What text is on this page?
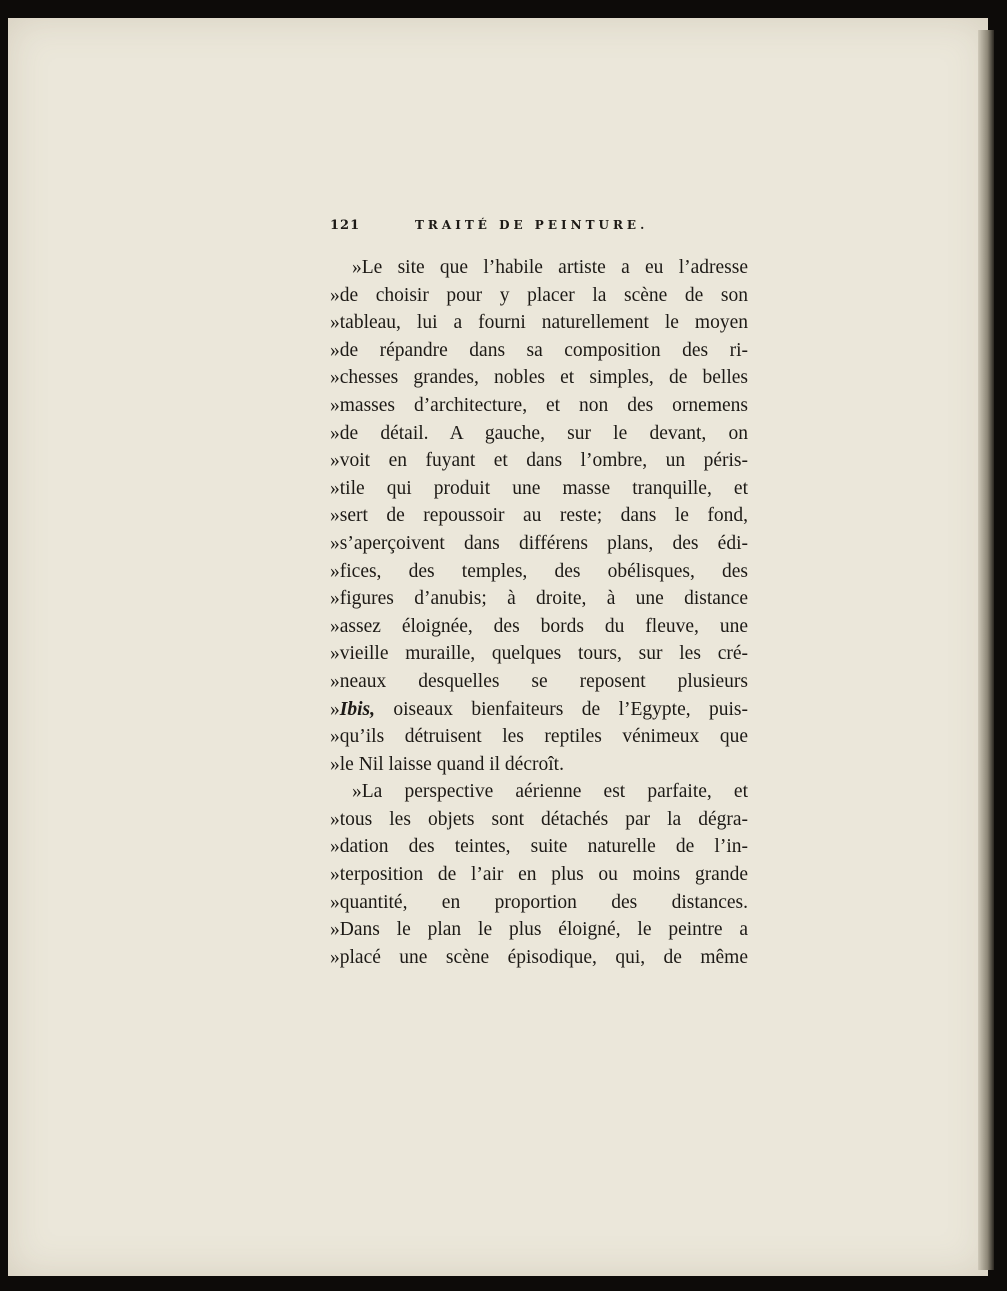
121	TRAITÉ DE PEINTURE.
»Le site que l’habile artiste a eu l’adresse
»de choisir pour y placer la scène de son
»tableau, lui a fourni naturellement le moyen
»de répandre dans sa composition des ri-
»chesses grandes, nobles et simples, de belles
»masses d’architecture, et non des ornemens
»de détail. A gauche, sur le devant, on
»voit en fuyant et dans l’ombre, un péris-
»tile qui produit une masse tranquille, et
»sert de repoussoir au reste; dans le fond,
»s’aperçoivent dans différens plans, des édi-
»fices, des temples, des obélisques, des
»figures d’anubis; à droite, à une distance
»assez éloignée, des bords du fleuve, une
»vieille muraille, quelques tours, sur les cré-
»neaux desquelles se reposent plusieurs
»Ibis, oiseaux bienfaiteurs de l’Egypte, puis-
»qu’ils détruisent les reptiles vénimeux que
»le Nil laisse quand il décroît.
»La perspective aérienne est parfaite, et
»tous les objets sont détachés par la dégra-
»dation des teintes, suite naturelle de l’in-
»terposition de l’air en plus ou moins grande
»quantité, en proportion des distances.
»Dans le plan le plus éloigné, le peintre a
»placé une scène épisodique, qui, de même
